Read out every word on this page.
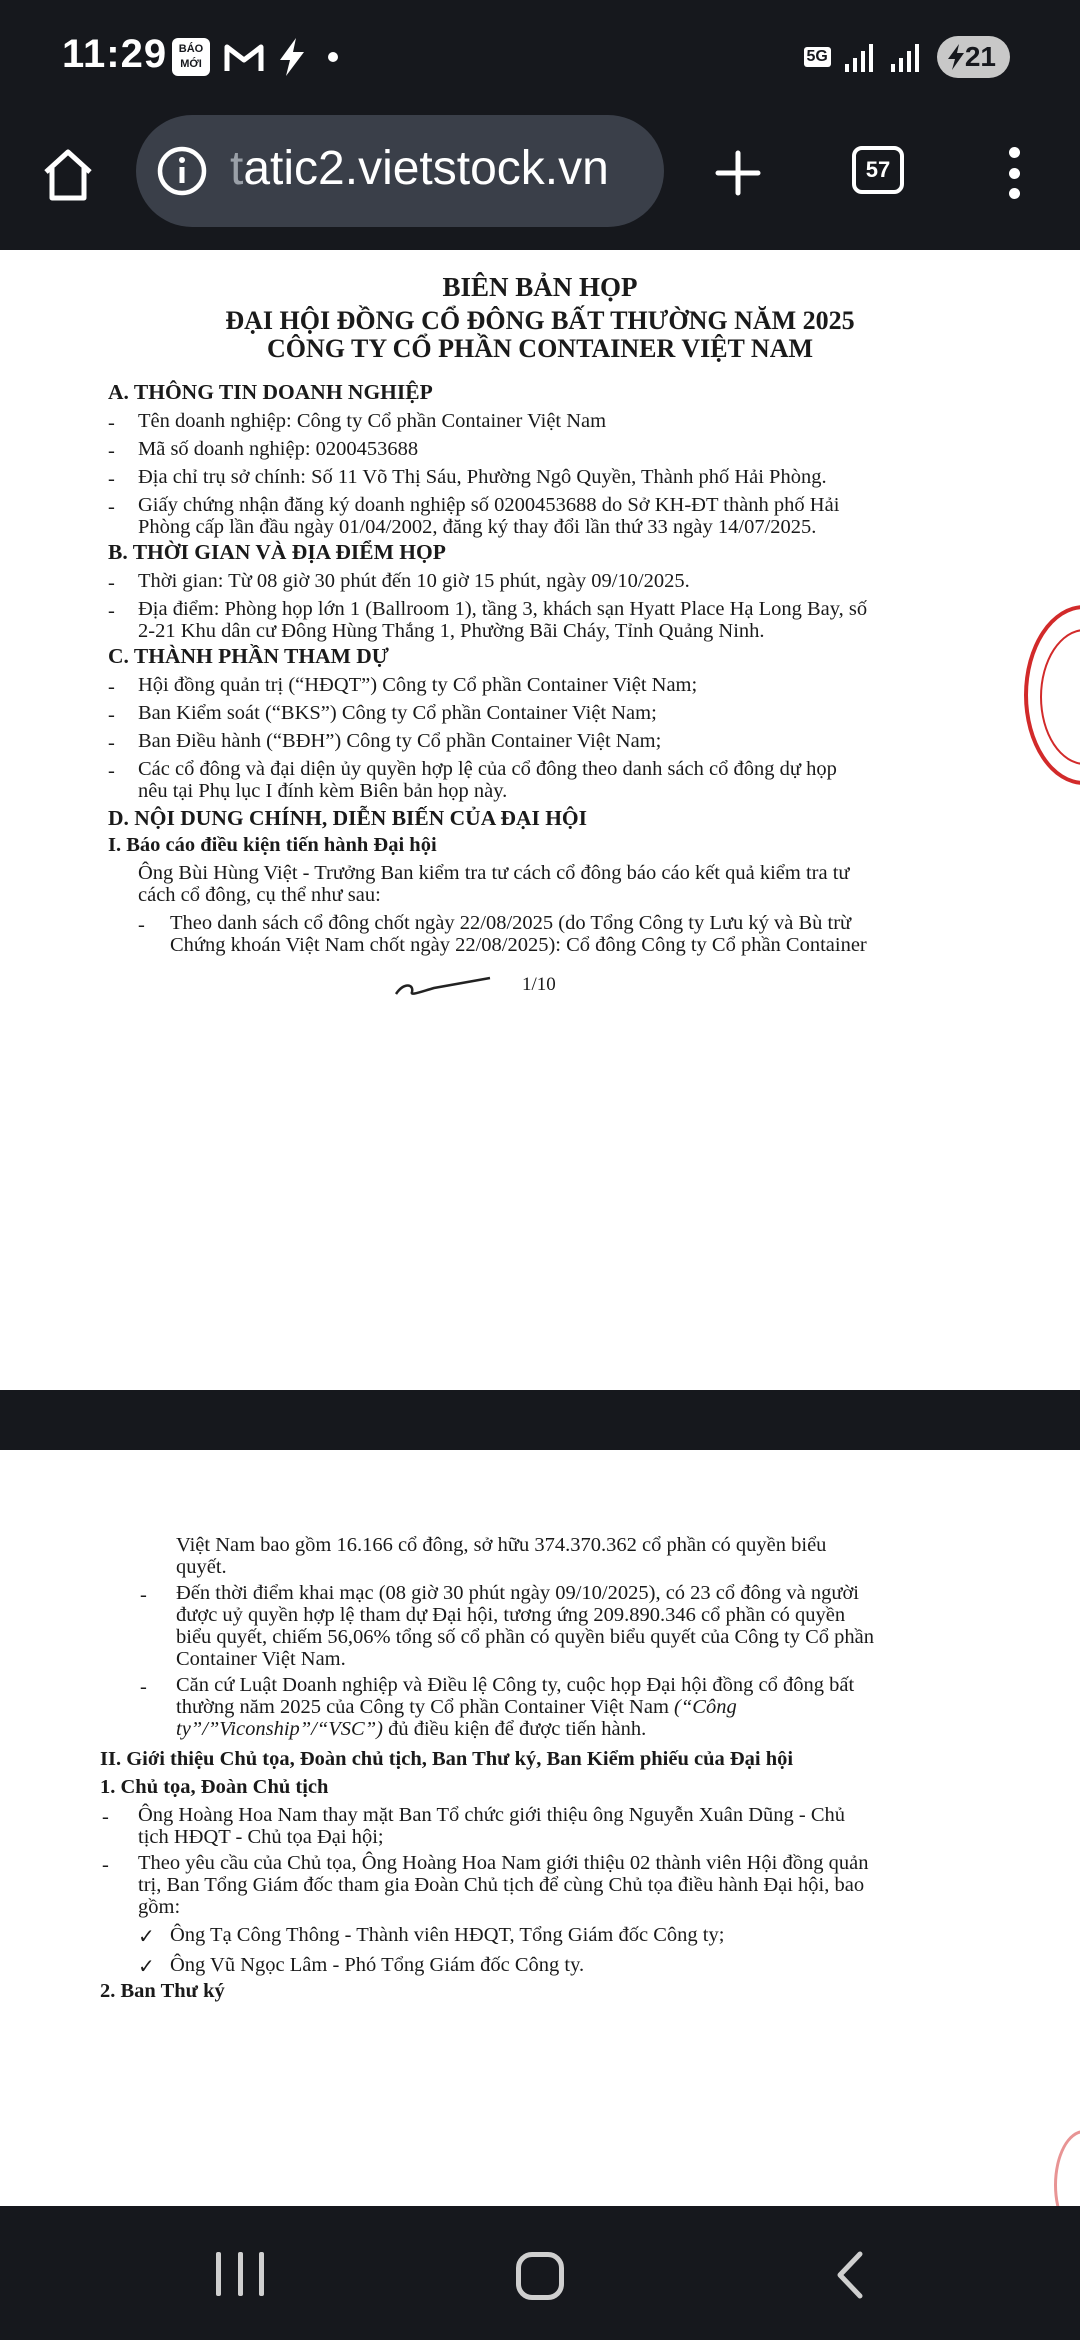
11:29	BÁO MỚI	5G	21
tatic2.vietstock.vn	57
BIÊN BẢN HỌP
ĐẠI HỘI ĐỒNG CỔ ĐÔNG BẤT THƯỜNG NĂM 2025
CÔNG TY CỔ PHẦN CONTAINER VIỆT NAM
A. THÔNG TIN DOANH NGHIỆP
- Tên doanh nghiệp: Công ty Cổ phần Container Việt Nam
- Mã số doanh nghiệp: 0200453688
- Địa chỉ trụ sở chính: Số 11 Võ Thị Sáu, Phường Ngô Quyền, Thành phố Hải Phòng.
- Giấy chứng nhận đăng ký doanh nghiệp số 0200453688 do Sở KH-ĐT thành phố Hải
Phòng cấp lần đầu ngày 01/04/2002, đăng ký thay đổi lần thứ 33 ngày 14/07/2025.
B. THỜI GIAN VÀ ĐỊA ĐIỂM HỌP
- Thời gian: Từ 08 giờ 30 phút đến 10 giờ 15 phút, ngày 09/10/2025.
- Địa điểm: Phòng họp lớn 1 (Ballroom 1), tầng 3, khách sạn Hyatt Place Hạ Long Bay, số
2-21 Khu dân cư Đông Hùng Thắng 1, Phường Bãi Cháy, Tỉnh Quảng Ninh.
C. THÀNH PHẦN THAM DỰ
- Hội đồng quản trị (“HĐQT”) Công ty Cổ phần Container Việt Nam;
- Ban Kiểm soát (“BKS”) Công ty Cổ phần Container Việt Nam;
- Ban Điều hành (“BĐH”) Công ty Cổ phần Container Việt Nam;
- Các cổ đông và đại diện ủy quyền hợp lệ của cổ đông theo danh sách cổ đông dự họp
nêu tại Phụ lục I đính kèm Biên bản họp này.
D. NỘI DUNG CHÍNH, DIỄN BIẾN CỦA ĐẠI HỘI
I. Báo cáo điều kiện tiến hành Đại hội
Ông Bùi Hùng Việt - Trưởng Ban kiểm tra tư cách cổ đông báo cáo kết quả kiểm tra tư
cách cổ đông, cụ thể như sau:
- Theo danh sách cổ đông chốt ngày 22/08/2025 (do Tổng Công ty Lưu ký và Bù trừ
Chứng khoán Việt Nam chốt ngày 22/08/2025): Cổ đông Công ty Cổ phần Container
1/10
Việt Nam bao gồm 16.166 cổ đông, sở hữu 374.370.362 cổ phần có quyền biểu
quyết.
- Đến thời điểm khai mạc (08 giờ 30 phút ngày 09/10/2025), có 23 cổ đông và người
được uỷ quyền hợp lệ tham dự Đại hội, tương ứng 209.890.346 cổ phần có quyền
biểu quyết, chiếm 56,06% tổng số cổ phần có quyền biểu quyết của Công ty Cổ phần
Container Việt Nam.
- Căn cứ Luật Doanh nghiệp và Điều lệ Công ty, cuộc họp Đại hội đồng cổ đông bất
thường năm 2025 của Công ty Cổ phần Container Việt Nam (“Công
ty”/”Viconship”/“VSC”) đủ điều kiện để được tiến hành.
II. Giới thiệu Chủ tọa, Đoàn chủ tịch, Ban Thư ký, Ban Kiểm phiếu của Đại hội
1. Chủ tọa, Đoàn Chủ tịch
- Ông Hoàng Hoa Nam thay mặt Ban Tổ chức giới thiệu ông Nguyễn Xuân Dũng - Chủ
tịch HĐQT - Chủ tọa Đại hội;
- Theo yêu cầu của Chủ tọa, Ông Hoàng Hoa Nam giới thiệu 02 thành viên Hội đồng quản
trị, Ban Tổng Giám đốc tham gia Đoàn Chủ tịch để cùng Chủ tọa điều hành Đại hội, bao
gồm:
✓ Ông Tạ Công Thông - Thành viên HĐQT, Tổng Giám đốc Công ty;
✓ Ông Vũ Ngọc Lâm - Phó Tổng Giám đốc Công ty.
2. Ban Thư ký
